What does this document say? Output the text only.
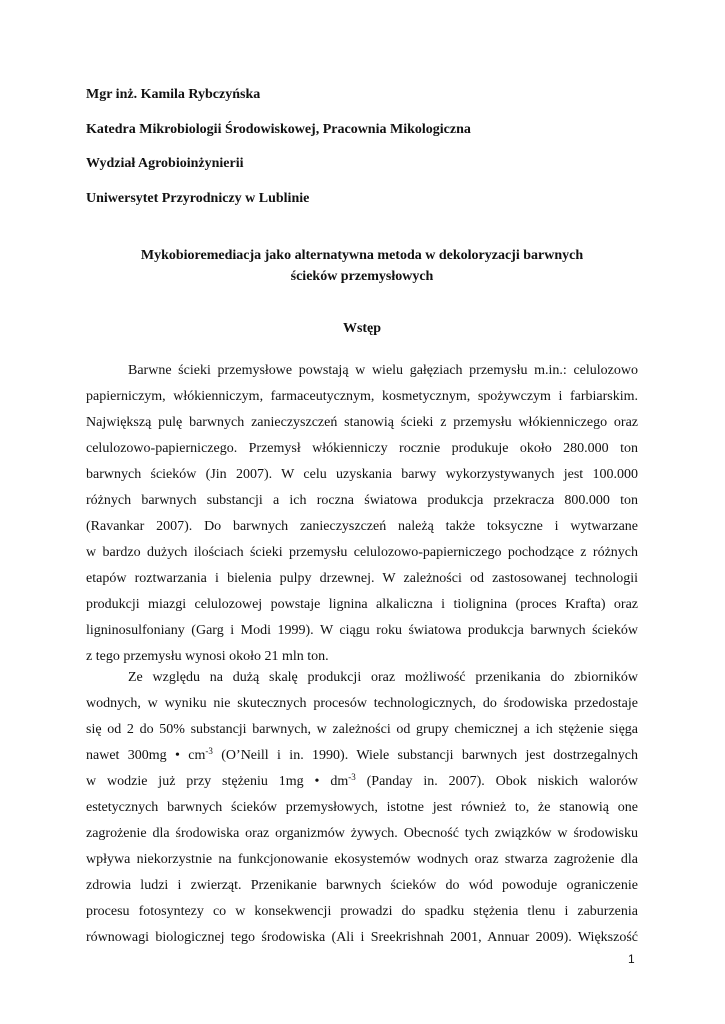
Mgr inż. Kamila Rybczyńska
Katedra Mikrobiologii Środowiskowej, Pracownia Mikologiczna
Wydział Agrobioinżynierii
Uniwersytet Przyrodniczy w Lublinie
Mykobioremediacja jako alternatywna metoda w dekoloryzacji barwnych
ścieków przemysłowych
Wstęp
Barwne ścieki przemysłowe powstają w wielu gałęziach przemysłu m.in.: celulozowo
papierniczym, włókienniczym, farmaceutycznym, kosmetycznym, spożywczym i farbiarskim.
Największą pulę barwnych zanieczyszczeń stanowią ścieki z przemysłu włókienniczego oraz
celulozowo-papierniczego. Przemysł włókienniczy rocznie produkuje około 280.000 ton
barwnych ścieków (Jin 2007). W celu uzyskania barwy wykorzystywanych jest 100.000
różnych barwnych substancji a ich roczna światowa produkcja przekracza 800.000 ton
(Ravankar 2007). Do barwnych zanieczyszczeń należą także toksyczne i wytwarzane
w bardzo dużych ilościach ścieki przemysłu celulozowo-papierniczego pochodzące z różnych
etapów roztwarzania i bielenia pulpy drzewnej. W zależności od zastosowanej technologii
produkcji miazgi celulozowej powstaje lignina alkaliczna i tiolignina (proces Krafta) oraz
ligninosulfoniany (Garg i Modi 1999). W ciągu roku światowa produkcja barwnych ścieków
z tego przemysłu wynosi około 21 mln ton.
Ze względu na dużą skalę produkcji oraz możliwość przenikania do zbiorników
wodnych, w wyniku nie skutecznych procesów technologicznych, do środowiska przedostaje
się od 2 do 50% substancji barwnych, w zależności od grupy chemicznej a ich stężenie sięga
nawet 300mg • $cm^{-3}$ (O’Neill i in. 1990). Wiele substancji barwnych jest dostrzegalnych
w wodzie już przy stężeniu 1mg • $dm^{-3}$ (Panday in. 2007). Obok niskich walorów
estetycznych barwnych ścieków przemysłowych, istotne jest również to, że stanowią one
zagrożenie dla środowiska oraz organizmów żywych. Obecność tych związków w środowisku
wpływa niekorzystnie na funkcjonowanie ekosystemów wodnych oraz stwarza zagrożenie dla
zdrowia ludzi i zwierząt. Przenikanie barwnych ścieków do wód powoduje ograniczenie
procesu fotosyntezy co w konsekwencji prowadzi do spadku stężenia tlenu i zaburzenia
równowagi biologicznej tego środowiska (Ali i Sreekrishnah 2001, Annuar 2009). Większość
1
